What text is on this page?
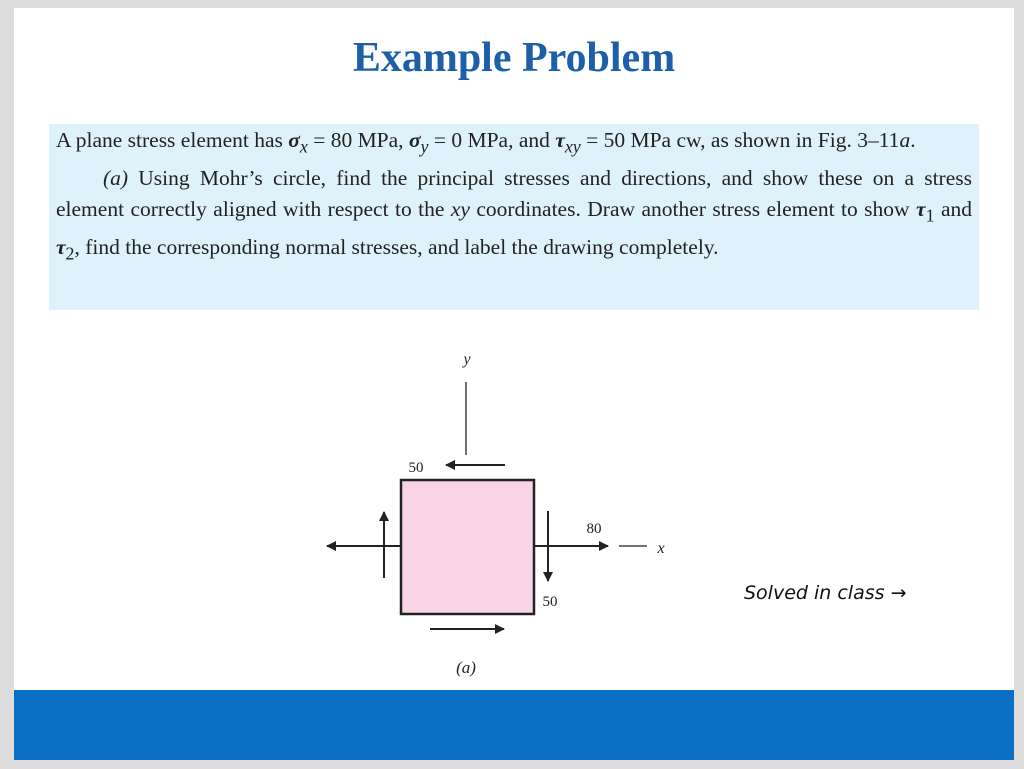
Example Problem

A plane stress element has $\sigma_x = 80$ MPa, $\sigma_y = 0$ MPa, and $\tau_{xy} = 50$ MPa cw, as shown in Fig. 3–11a.

(a) Using Mohr’s circle, find the principal stresses and directions, and show these on a stress element correctly aligned with respect to the xy coordinates. Draw another stress element to show $\tau_1$ and $\tau_2$, find the corresponding normal stresses, and label the drawing completely.

y
50
80
50
x
(a)
Solved in class →
